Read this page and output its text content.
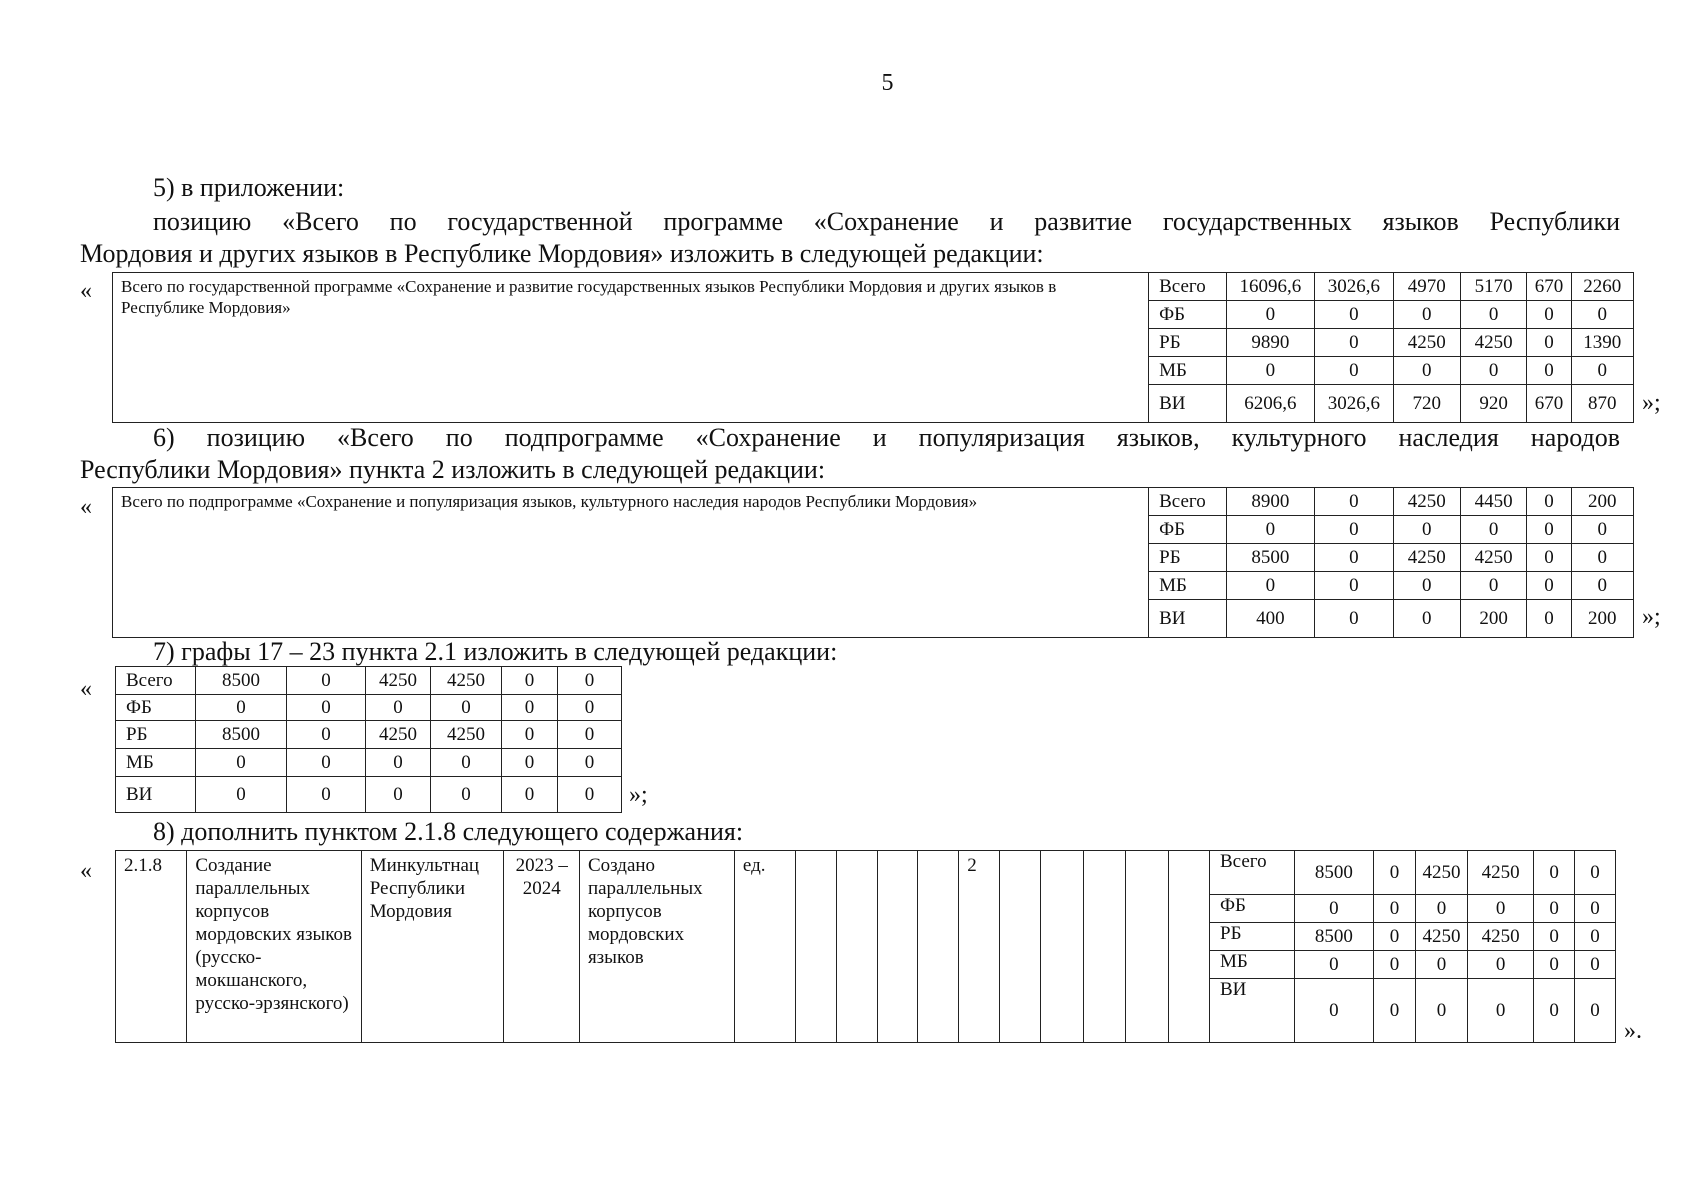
5
5) в приложении:
позицию «Всего по государственной программе «Сохранение и развитие государственных языков Республики
Мордовия и других языков в Республике Мордовия» изложить в следующей редакции:
« Всего по государственной программе «Сохранение и развитие государственных языков Республики Мордовия и других языков в Республике Мордовия»	Всего	16096,6	3026,6	4970	5170	670	2260
	ФБ	0	0	0	0	0	0
	РБ	9890	0	4250	4250	0	1390
	МБ	0	0	0	0	0	0
	ВИ	6206,6	3026,6	720	920	670	870 »;
6) позицию «Всего по подпрограмме «Сохранение и популяризация языков, культурного наследия народов
Республики Мордовия» пункта 2 изложить в следующей редакции:
« Всего по подпрограмме «Сохранение и популяризация языков, культурного наследия народов Республики Мордовия»	Всего	8900	0	4250	4450	0	200
	ФБ	0	0	0	0	0	0
	РБ	8500	0	4250	4250	0	0
	МБ	0	0	0	0	0	0
	ВИ	400	0	0	200	0	200 »;
7) графы 17 – 23 пункта 2.1 изложить в следующей редакции:
« Всего	8500	0	4250	4250	0	0
ФБ	0	0	0	0	0	0
РБ	8500	0	4250	4250	0	0
МБ	0	0	0	0	0	0
ВИ	0	0	0	0	0	0 »;
8) дополнить пунктом 2.1.8 следующего содержания:
« 2.1.8	Создание параллельных корпусов мордовских языков (русско-мокшанского, русско-эрзянского)	Минкультнац Республики Мордовия	2023 – 2024	Создано параллельных корпусов мордовских языков	ед.					2						Всего	8500	0	4250	4250	0	0
																ФБ	0	0	0	0	0	0
																РБ	8500	0	4250	4250	0	0
																МБ	0	0	0	0	0	0
																ВИ	0	0	0	0	0	0
».
